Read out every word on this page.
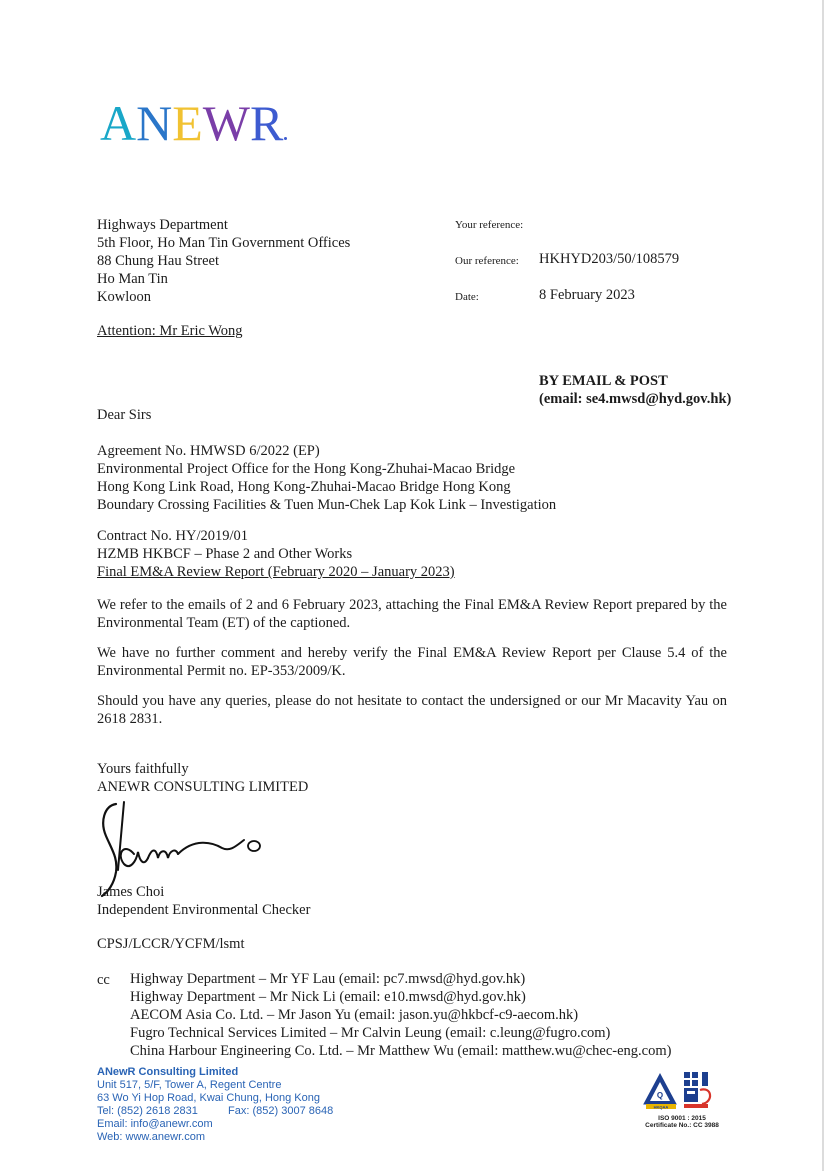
ANEWR
Highways Department
5th Floor, Ho Man Tin Government Offices
88 Chung Hau Street
Ho Man Tin
Kowloon
Your reference:
Our reference: HKHYD203/50/108579
Date:	8 February 2023
Attention: Mr Eric Wong
BY EMAIL & POST
(email: se4.mwsd@hyd.gov.hk)
Dear Sirs
Agreement No. HMWSD 6/2022 (EP)
Environmental Project Office for the Hong Kong-Zhuhai-Macao Bridge
Hong Kong Link Road, Hong Kong-Zhuhai-Macao Bridge Hong Kong
Boundary Crossing Facilities & Tuen Mun-Chek Lap Kok Link – Investigation
Contract No. HY/2019/01
HZMB HKBCF – Phase 2 and Other Works
Final EM&A Review Report (February 2020 – January 2023)
We refer to the emails of 2 and 6 February 2023, attaching the Final EM&A Review Report prepared by the Environmental Team (ET) of the captioned.
We have no further comment and hereby verify the Final EM&A Review Report per Clause 5.4 of the Environmental Permit no. EP-353/2009/K.
Should you have any queries, please do not hesitate to contact the undersigned or our Mr Macavity Yau on 2618 2831.
Yours faithfully
ANEWR CONSULTING LIMITED
James Choi
Independent Environmental Checker
CPSJ/LCCR/YCFM/lsmt
cc Highway Department – Mr YF Lau (email: pc7.mwsd@hyd.gov.hk)
Highway Department – Mr Nick Li (email: e10.mwsd@hyd.gov.hk)
AECOM Asia Co. Ltd. – Mr Jason Yu (email: jason.yu@hkbcf-c9-aecom.hk)
Fugro Technical Services Limited – Mr Calvin Leung (email: c.leung@fugro.com)
China Harbour Engineering Co. Ltd. – Mr Matthew Wu (email: matthew.wu@chec-eng.com)
ANewR Consulting Limited
Unit 517, 5/F, Tower A, Regent Centre
63 Wo Yi Hop Road, Kwai Chung, Hong Kong
Tel: (852) 2618 2831	Fax: (852) 3007 8648
Email: info@anewr.com
Web: www.anewr.com
Q
HKQAA
ISO 9001 : 2015
Certificate No.: CC 3988
